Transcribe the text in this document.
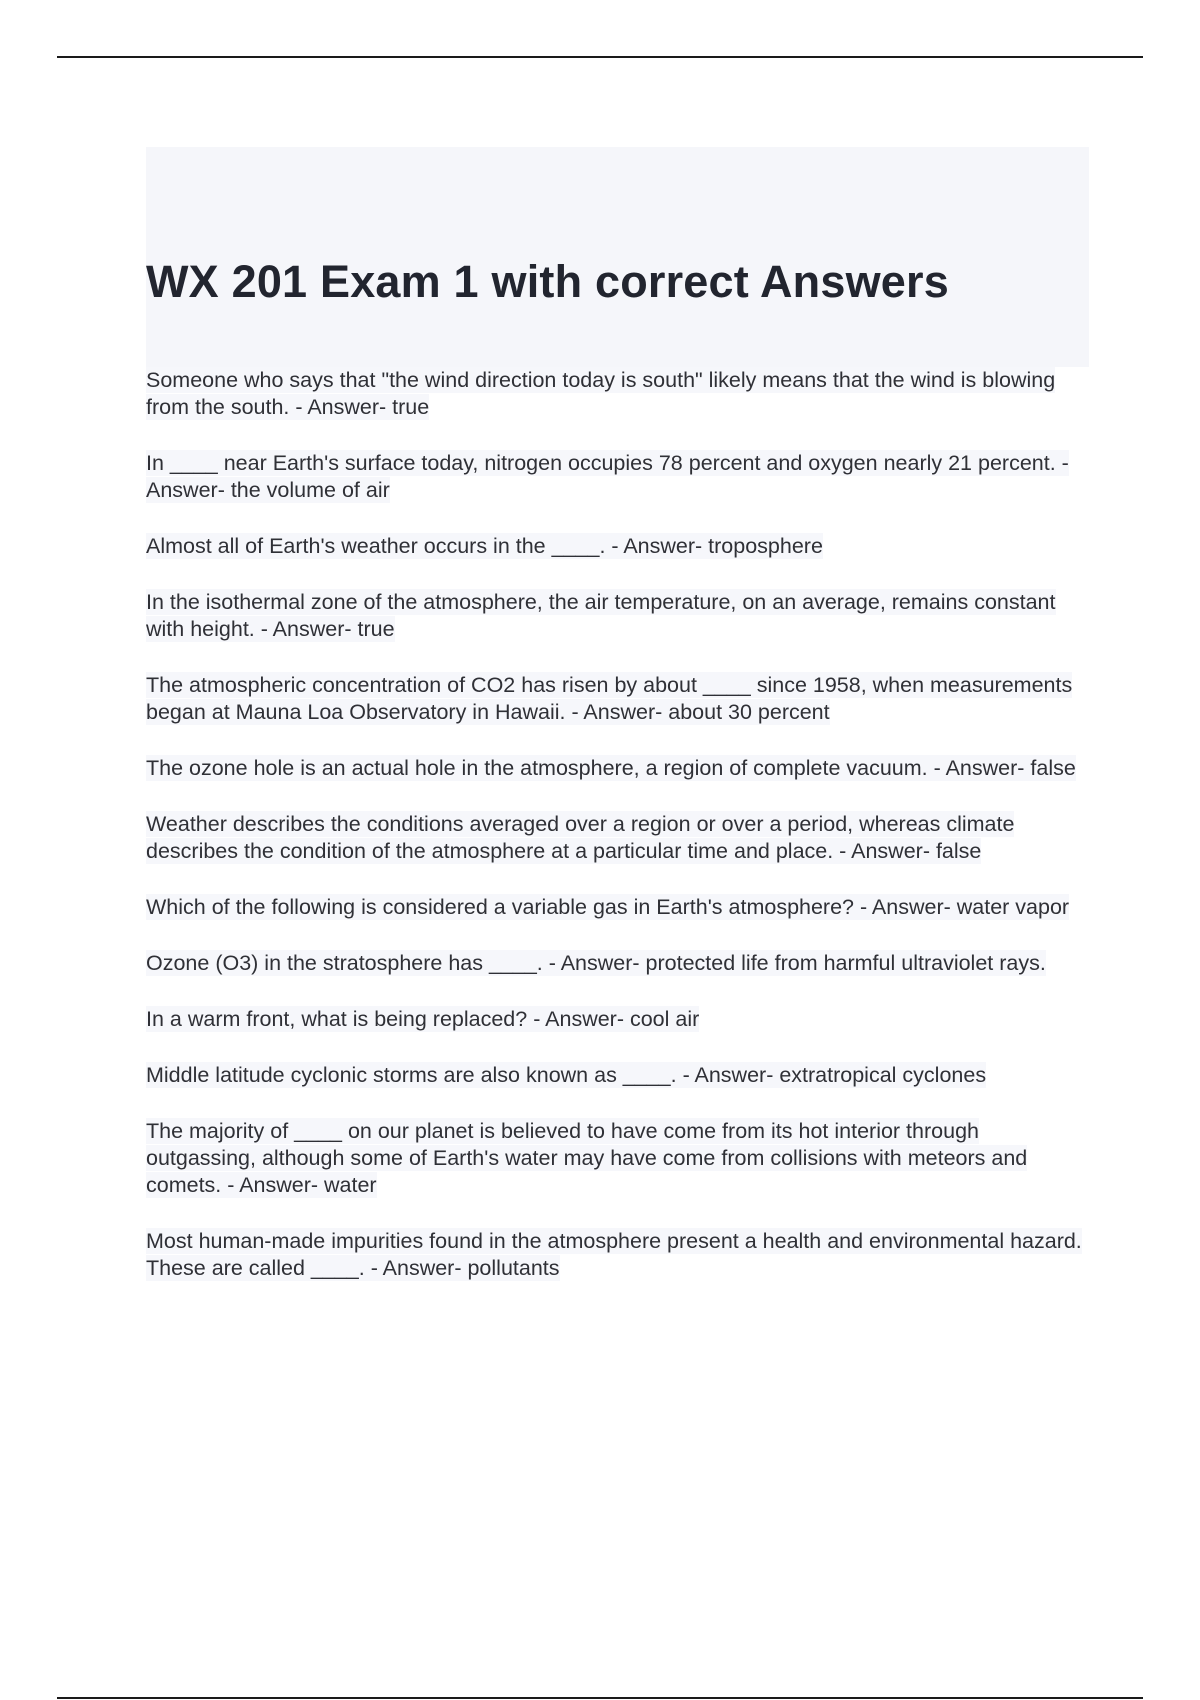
WX 201 Exam 1 with correct Answers

Someone who says that "the wind direction today is south" likely means that the wind is blowing from the south. - Answer- true

In ____ near Earth's surface today, nitrogen occupies 78 percent and oxygen nearly 21 percent. - Answer- the volume of air

Almost all of Earth's weather occurs in the ____. - Answer- troposphere

In the isothermal zone of the atmosphere, the air temperature, on an average, remains constant with height. - Answer- true

The atmospheric concentration of CO2 has risen by about ____ since 1958, when measurements began at Mauna Loa Observatory in Hawaii. - Answer- about 30 percent

The ozone hole is an actual hole in the atmosphere, a region of complete vacuum. - Answer- false

Weather describes the conditions averaged over a region or over a period, whereas climate describes the condition of the atmosphere at a particular time and place. - Answer- false

Which of the following is considered a variable gas in Earth's atmosphere? - Answer- water vapor

Ozone (O3) in the stratosphere has ____. - Answer- protected life from harmful ultraviolet rays.

In a warm front, what is being replaced? - Answer- cool air

Middle latitude cyclonic storms are also known as ____. - Answer- extratropical cyclones

The majority of ____ on our planet is believed to have come from its hot interior through outgassing, although some of Earth's water may have come from collisions with meteors and comets. - Answer- water

Most human-made impurities found in the atmosphere present a health and environmental hazard. These are called ____. - Answer- pollutants
